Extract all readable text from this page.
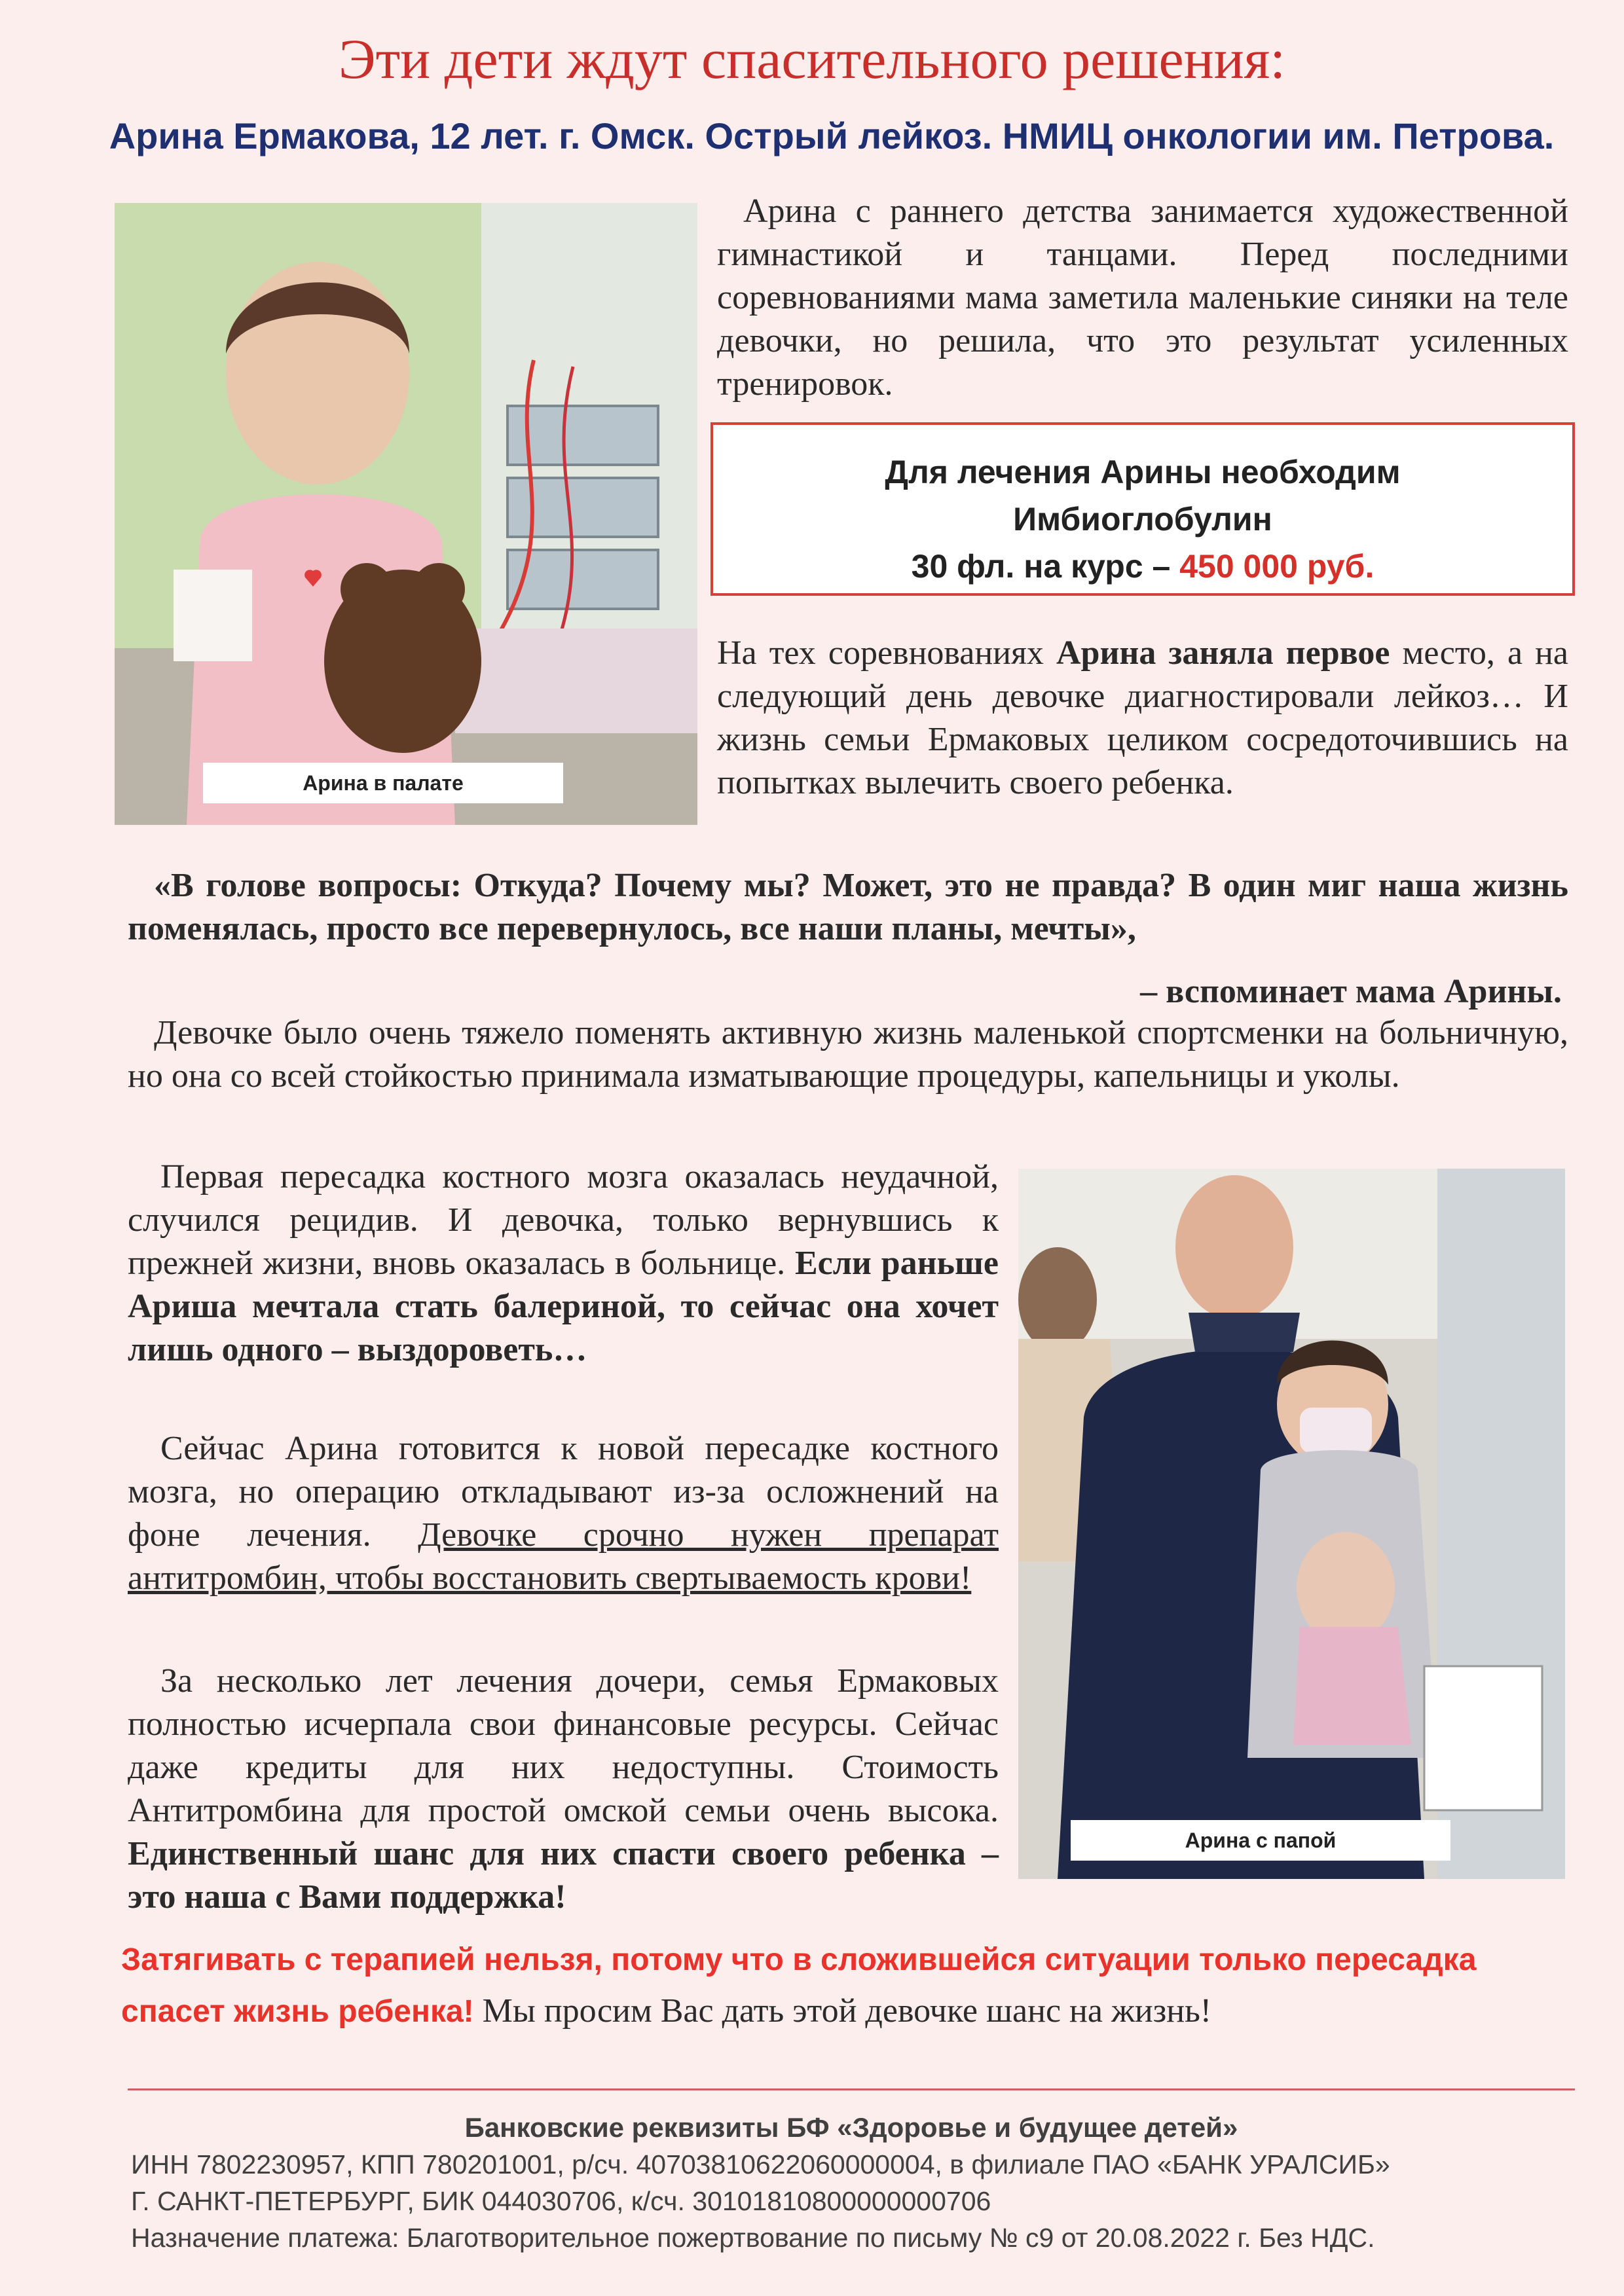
Эти дети ждут спасительного решения:
Арина Ермакова, 12 лет. г. Омск. Острый лейкоз. НМИЦ онкологии им. Петрова.
Арина в палате

Арина с раннего детства занимается художественной гимнастикой и танцами. Перед последними соревнованиями мама заметила маленькие синяки на теле девочки, но решила, что это результат усиленных тренировок.

Для лечения Арины необходим
Имбиоглобулин
30 фл. на курс – 450 000 руб.

На тех соревнованиях Арина заняла первое место, а на следующий день девочке диагностировали лейкоз… И жизнь семьи Ермаковых целиком сосредоточившись на попытках вылечить своего ребенка.

«В голове вопросы: Откуда? Почему мы? Может, это не правда? В один миг наша жизнь поменялась, просто все перевернулось, все наши планы, мечты»,
– вспоминает мама Арины.

Девочке было очень тяжело поменять активную жизнь маленькой спортсменки на больничную, но она со всей стойкостью принимала изматывающие процедуры, капельницы и уколы.

Первая пересадка костного мозга оказалась неудачной, случился рецидив. И девочка, только вернувшись к прежней жизни, вновь оказалась в больнице. Если раньше Ариша мечтала стать балериной, то сейчас она хочет лишь одного – выздороветь…

Сейчас Арина готовится к новой пересадке костного мозга, но операцию откладывают из-за осложнений на фоне лечения. Девочке срочно нужен препарат антитромбин, чтобы восстановить свертываемость крови!

За несколько лет лечения дочери, семья Ермаковых полностью исчерпала свои финансовые ресурсы. Сейчас даже кредиты для них недоступны. Стоимость Антитромбина для простой омской семьи очень высока. Единственный шанс для них спасти своего ребенка – это наша с Вами поддержка!

Арина с папой
Затягивать с терапией нельзя, потому что в сложившейся ситуации только пересадка спасет жизнь ребенка! Мы просим Вас дать этой девочке шанс на жизнь!
Банковские реквизиты БФ «Здоровье и будущее детей»
ИНН 7802230957, КПП 780201001, р/сч. 40703810622060000004, в филиале ПАО «БАНК УРАЛСИБ»
Г. САНКТ-ПЕТЕРБУРГ, БИК 044030706, к/сч. 30101810800000000706
Назначение платежа: Благотворительное пожертвование по письму № с9 от 20.08.2022 г. Без НДС.
